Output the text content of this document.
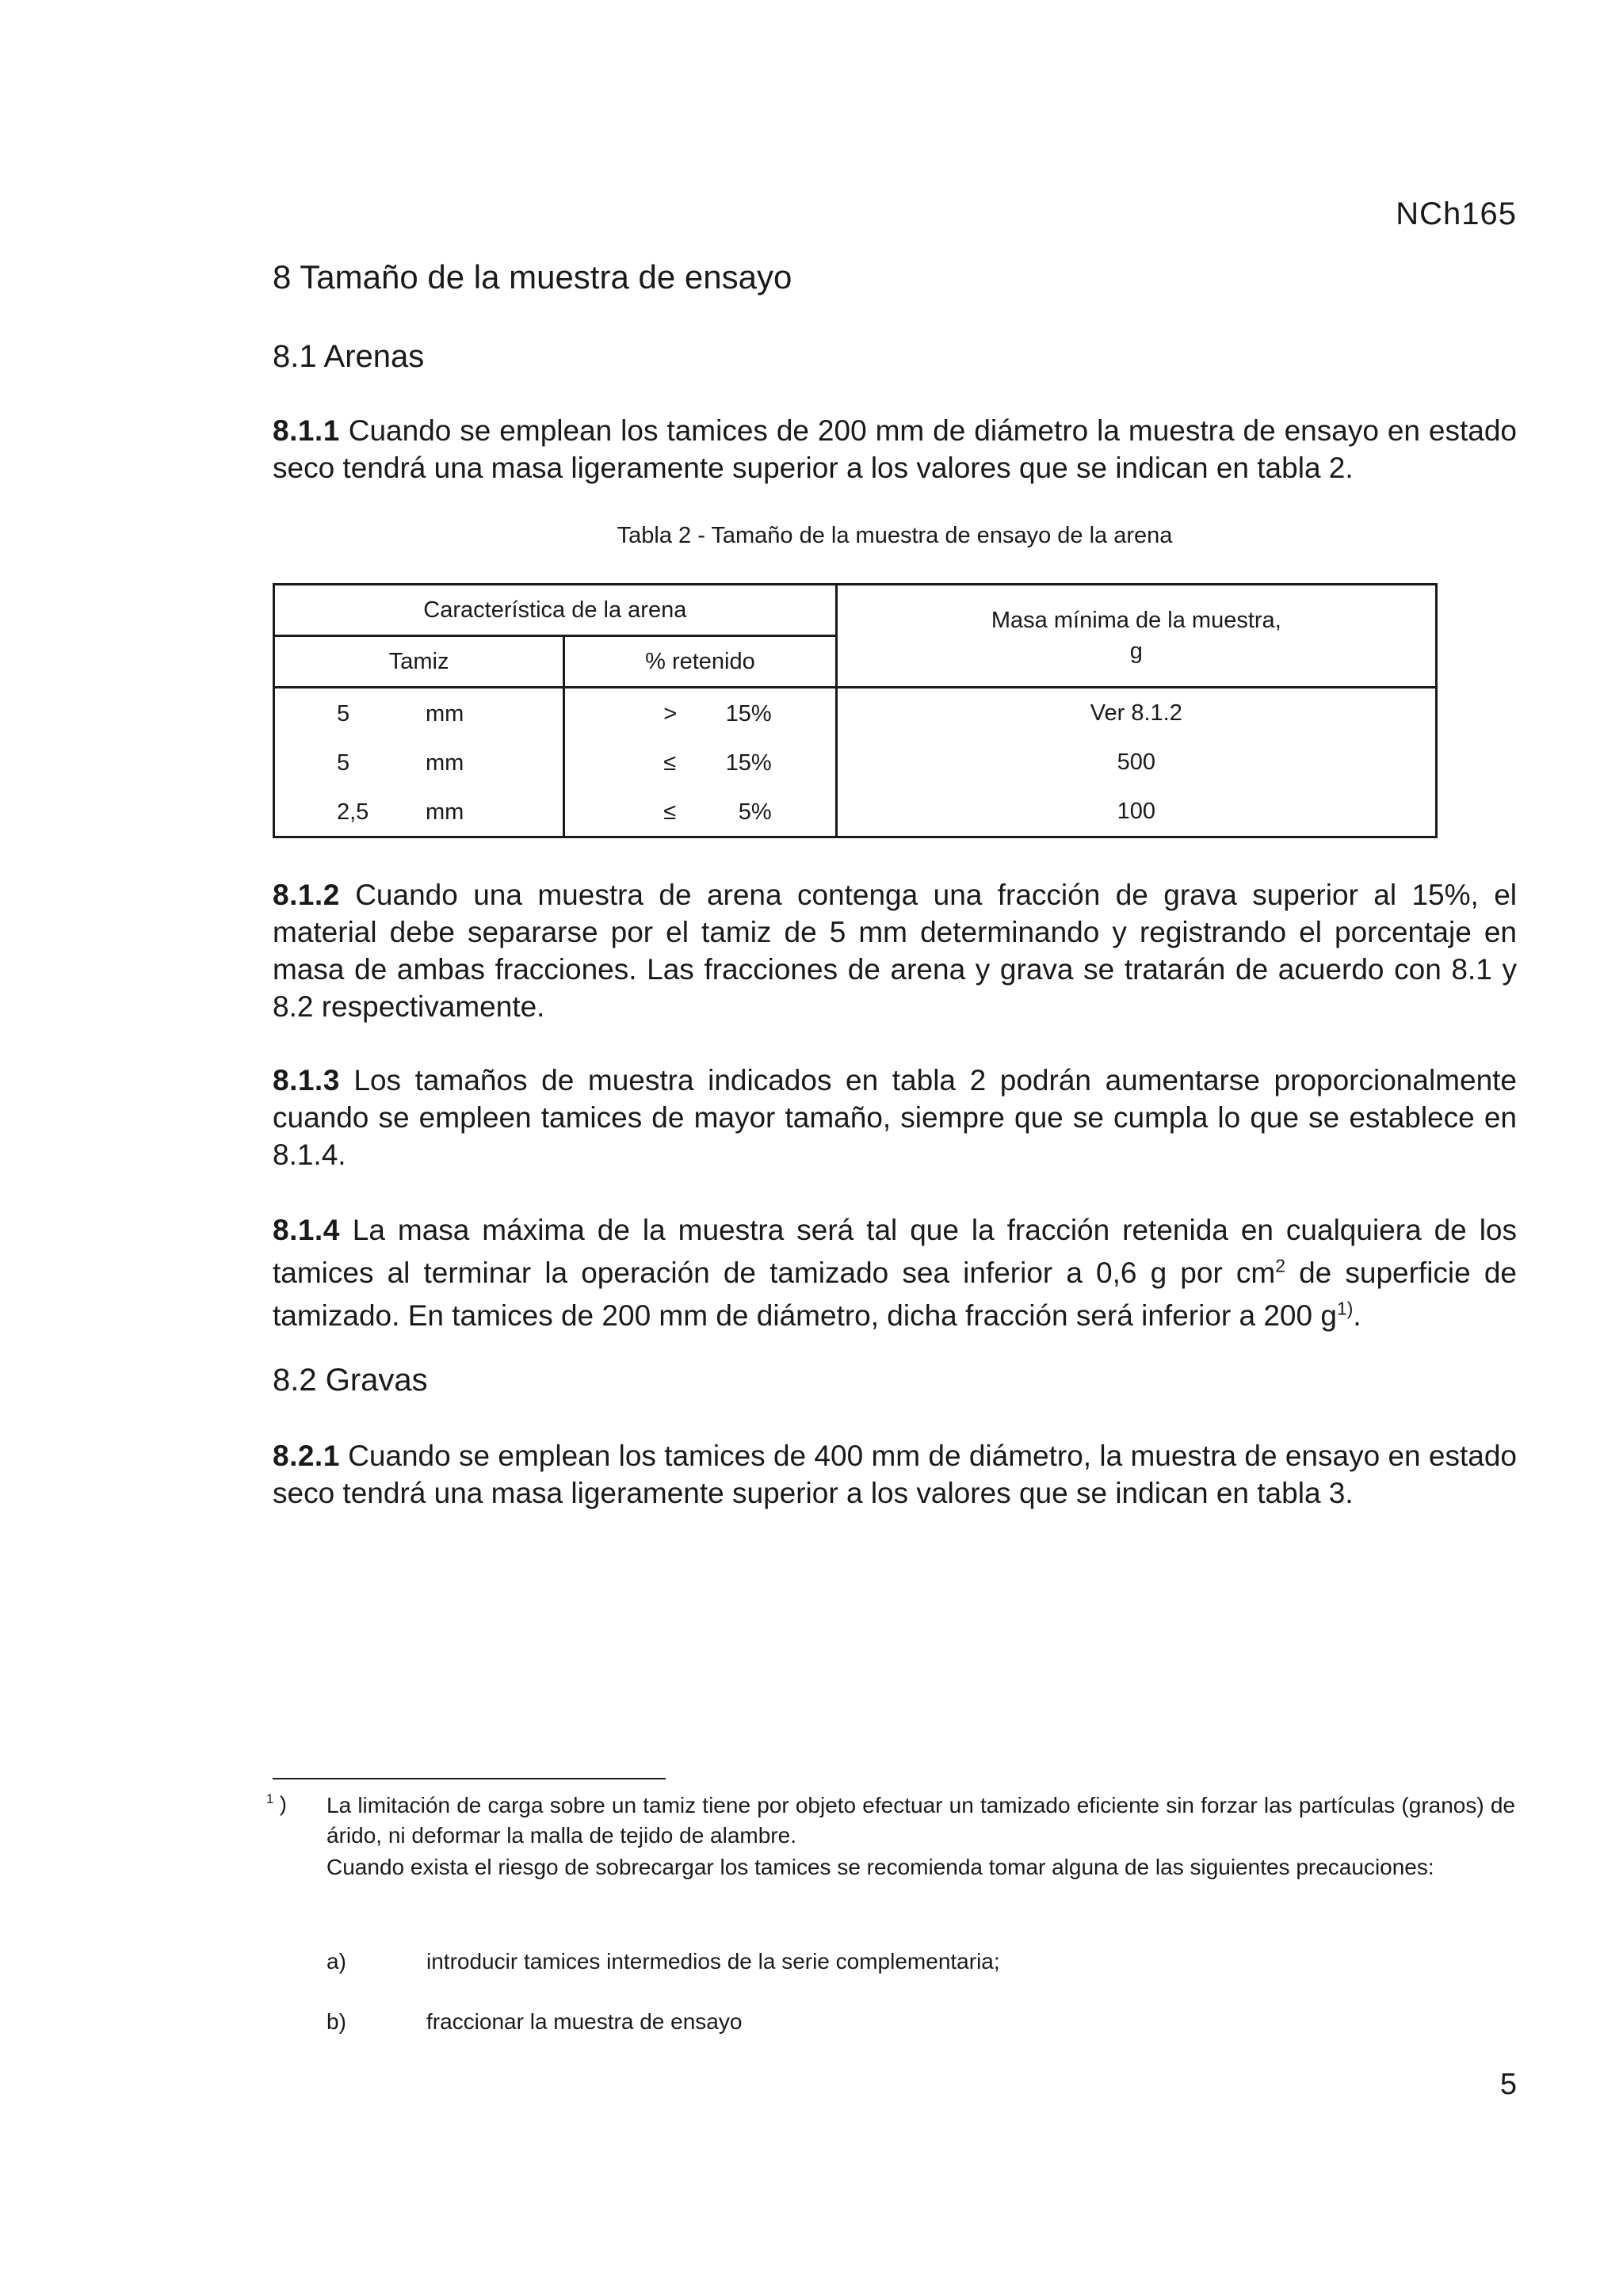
NCh165
8 Tamaño de la muestra de ensayo
8.1 Arenas

8.1.1 Cuando se emplean los tamices de 200 mm de diámetro la muestra de ensayo en estado seco tendrá una masa ligeramente superior a los valores que se indican en tabla 2.

Tabla 2 - Tamaño de la muestra de ensayo de la arena
Característica de la arena		Masa mínima de la muestra,
g

Tamiz	% retenido	

5 mm	> 15%	Ver 8.1.2

5 mm	≤ 15%	500

2,5 mm	≤ 5%	100

8.1.2 Cuando una muestra de arena contenga una fracción de grava superior al 15%, el material debe separarse por el tamiz de 5 mm determinando y registrando el porcentaje en masa de ambas fracciones. Las fracciones de arena y grava se tratarán de acuerdo con 8.1 y 8.2 respectivamente.

8.1.3 Los tamaños de muestra indicados en tabla 2 podrán aumentarse proporcionalmente cuando se empleen tamices de mayor tamaño, siempre que se cumpla lo que se establece en 8.1.4.

8.1.4 La masa máxima de la muestra será tal que la fracción retenida en cualquiera de los tamices al terminar la operación de tamizado sea inferior a 0,6 g por $cm^2$ de superficie de tamizado. En tamices de 200 mm de diámetro, dicha fracción será inferior a 200 $g^{1)}$.

8.2 Gravas

8.2.1 Cuando se emplean los tamices de 400 mm de diámetro, la muestra de ensayo en estado seco tendrá una masa ligeramente superior a los valores que se indican en tabla 3.

$^1$ ) La limitación de carga sobre un tamiz tiene por objeto efectuar un tamizado eficiente sin forzar las partículas (granos) de árido, ni deformar la malla de tejido de alambre.

Cuando exista el riesgo de sobrecargar los tamices se recomienda tomar alguna de las siguientes precauciones:

a)	introducir tamices intermedios de la serie complementaria;
b)	fraccionar la muestra de ensayo
5
